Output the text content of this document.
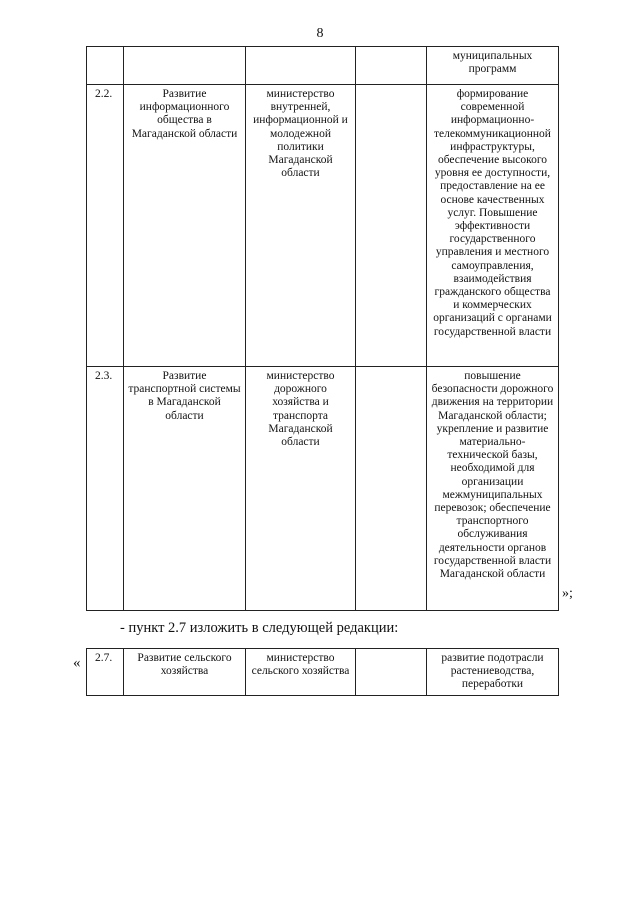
8
				муниципальных программ
2.2.	Развитие информационного общества в Магаданской области	министерство внутренней, информационной и молодежной политики Магаданской области		формирование современной информационно-телекоммуникационной инфраструктуры, обеспечение высокого уровня ее доступности, предоставление на ее основе качественных услуг. Повышение эффективности государственного управления и местного самоуправления, взаимодействия гражданского общества и коммерческих организаций с органами государственной власти
2.3.	Развитие транспортной системы в Магаданской области	министерство дорожного хозяйства и транспорта Магаданской области		повышение безопасности дорожного движения на территории Магаданской области; укрепление и развитие материально-технической базы, необходимой для организации межмуниципальных перевозок; обеспечение транспортного обслуживания деятельности органов государственной власти Магаданской области
»;
- пункт 2.7 изложить в следующей редакции:
« 2.7.	Развитие сельского хозяйства	министерство сельского хозяйства		развитие подотрасли растениеводства, переработки
